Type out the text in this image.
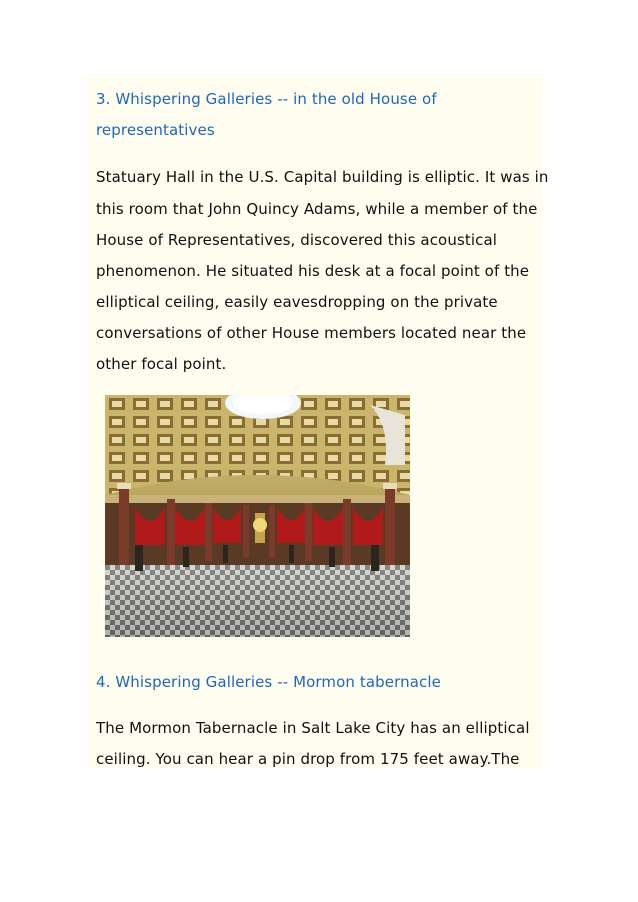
3. Whispering Galleries -- in the old House of
representatives
Statuary Hall in the U.S. Capital building is elliptic. It was in
this room that John Quincy Adams, while a member of the
House of Representatives, discovered this acoustical
phenomenon. He situated his desk at a focal point of the
elliptical ceiling, easily eavesdropping on the private
conversations of other House members located near the
other focal point.
4. Whispering Galleries -- Mormon tabernacle
The Mormon Tabernacle in Salt Lake City has an elliptical
ceiling. You can hear a pin drop from 175 feet away.The
